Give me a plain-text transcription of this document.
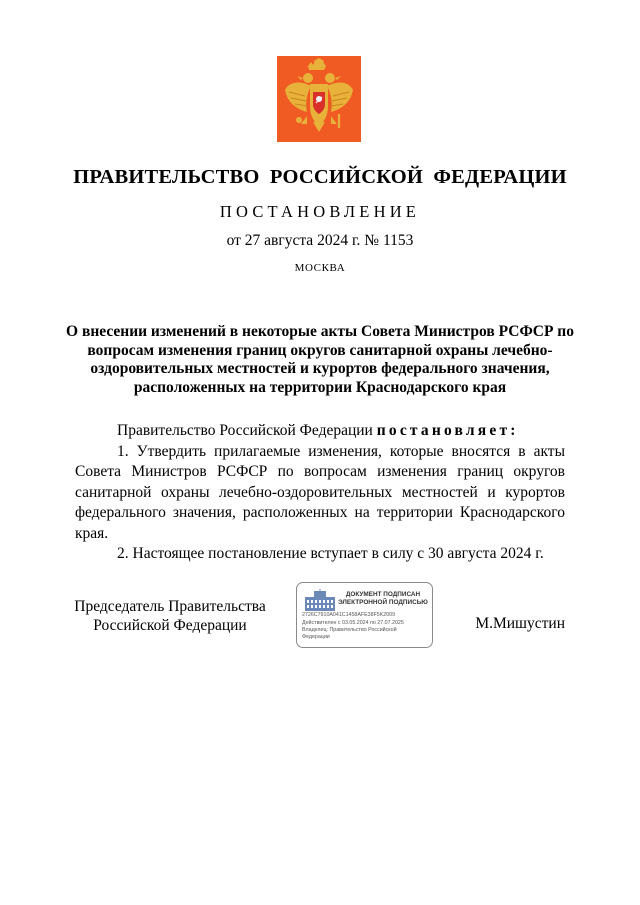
ПРАВИТЕЛЬСТВО РОССИЙСКОЙ ФЕДЕРАЦИИ
ПОСТАНОВЛЕНИЕ
от 27 августа 2024 г. № 1153
МОСКВА
О внесении изменений в некоторые акты Совета Министров РСФСР по вопросам изменения границ округов санитарной охраны лечебно-оздоровительных местностей и курортов федерального значения, расположенных на территории Краснодарского края

Правительство Российской Федерации постановляет:

1. Утвердить прилагаемые изменения, которые вносятся в акты Совета Министров РСФСР по вопросам изменения границ округов санитарной охраны лечебно-оздоровительных местностей и курортов федерального значения, расположенных на территории Краснодарского края.

2. Настоящее постановление вступает в силу с 30 августа 2024 г.

Председатель Правительства
Российской Федерации
ДОКУМЕНТ ПОДПИСАН
ЭЛЕКТРОННОЙ ПОДПИСЬЮ
2726C7910A041C1458AFE38F5K2009
Действителен с 03.05.2024 по 27.07.2025
Владелец: Правительство Российской
Федерации
М.Мишустин
